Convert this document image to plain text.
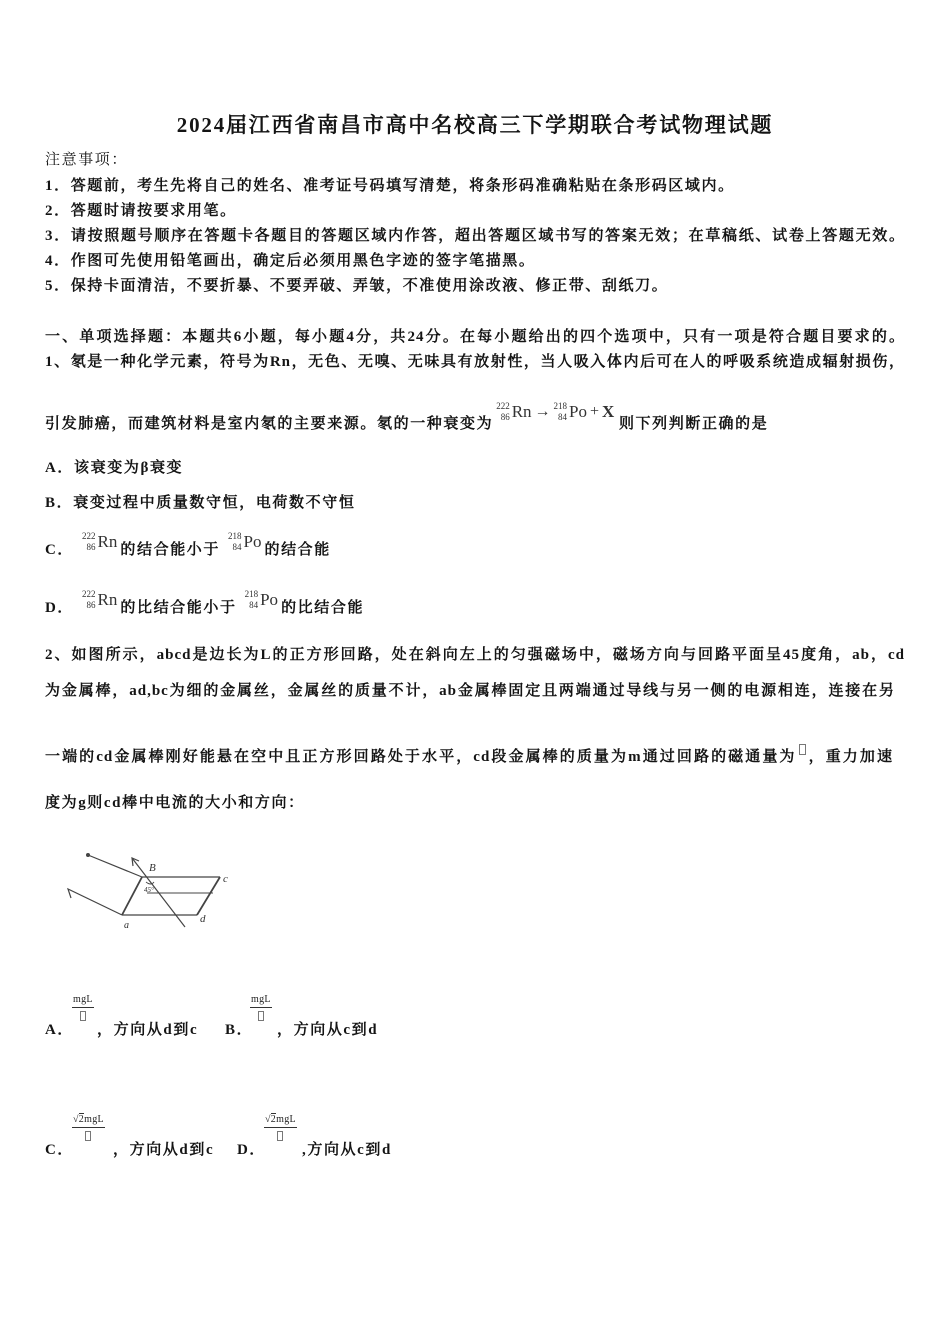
2024届江西省南昌市高中名校高三下学期联合考试物理试题
注意事项：
1．答题前，考生先将自己的姓名、准考证号码填写清楚，将条形码准确粘贴在条形码区域内。
2．答题时请按要求用笔。
3．请按照题号顺序在答题卡各题目的答题区域内作答，超出答题区域书写的答案无效；在草稿纸、试卷上答题无效。
4．作图可先使用铅笔画出，确定后必须用黑色字迹的签字笔描黑。
5．保持卡面清洁，不要折暴、不要弄破、弄皱，不准使用涂改液、修正带、刮纸刀。
一、单项选择题：本题共6小题，每小题4分，共24分。在每小题给出的四个选项中，只有一项是符合题目要求的。
1、氡是一种化学元素，符号为Rn，无色、无嗅、无味具有放射性，当人吸入体内后可在人的呼吸系统造成辐射损伤，
引发肺癌，而建筑材料是室内氡的主要来源。氡的一种衰变为
222
86 Rn → 218
84 Po + X
则下列判断正确的是
A． 该衰变为β衰变
B． 衰变过程中质量数守恒，电荷数不守恒
C．
222
86 Rn 的结合能小于
218
84 Po 的结合能
D．
222
86 Rn 的比结合能小于
218
84 Po 的比结合能
2、如图所示，abcd是边长为L的正方形回路，处在斜向左上的匀强磁场中，磁场方向与回路平面呈45度角，ab，cd
为金属棒，ad,bc为细的金属丝，金属丝的质量不计，ab金属棒固定且两端通过导线与另一侧的电源相连，连接在另
一端的cd金属棒刚好能悬在空中且正方形回路处于水平，cd段金属棒的质量为m通过回路的磁通量为 ，重力加速
度为g则cd棒中电流的大小和方向：
B
45°
c
d
a
A．
mgL
，方向从d到c B．
mgL
，方向从c到d
C．
√2mgL
，方向从d到c D．
√2mgL
,方向从c到d
